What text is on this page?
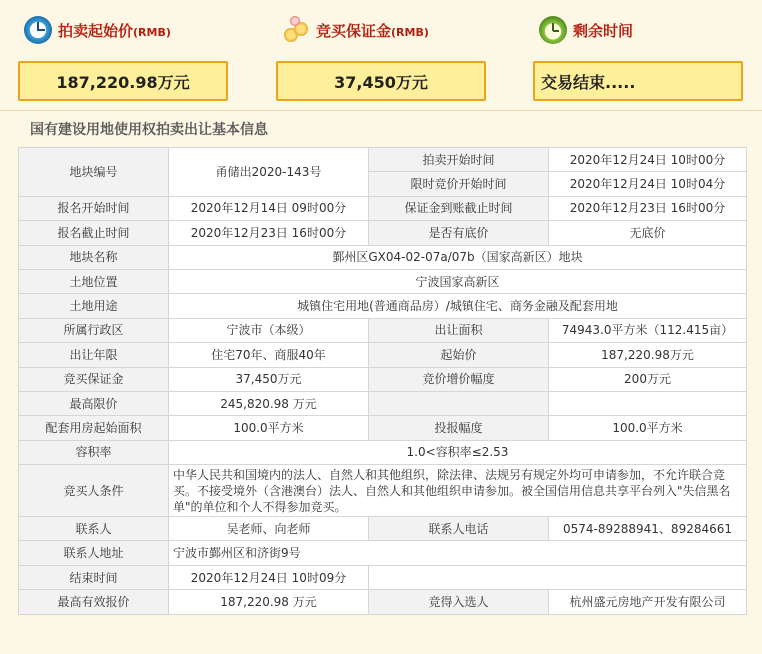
拍卖起始价(RMB)
187,220.98万元
竞买保证金(RMB)
37,450万元
剩余时间
交易结束.....
国有建设用地使用权拍卖出让基本信息
地块编号	甬储出2020-143号	拍卖开始时间	2020年12月24日 10时00分
		限时竞价开始时间	2020年12月24日 10时04分
报名开始时间	2020年12月14日 09时00分	保证金到账截止时间	2020年12月23日 16时00分
报名截止时间	2020年12月23日 16时00分	是否有底价	无底价
地块名称	鄞州区GX04-02-07a/07b（国家高新区）地块		
土地位置	宁波国家高新区		
土地用途	城镇住宅用地(普通商品房）/城镇住宅、商务金融及配套用地		
所属行政区	宁波市（本级）	出让面积	74943.0平方米（112.415亩）
出让年限	住宅70年、商服40年	起始价	187,220.98万元
竞买保证金	37,450万元	竞价增价幅度	200万元
最高限价	245,820.98 万元		
配套用房起始面积	100.0平方米	投报幅度	100.0平方米
容积率	1.0<容积率≤2.53		
竞买人条件	中华人民共和国境内的法人、自然人和其他组织，除法律、法规另有规定外均可申请参加，不允许联合竞买。不接受境外（含港澳台）法人、自然人和其他组织申请参加。被全国信用信息共享平台列入"失信黑名单"的单位和个人不得参加竞买。		
联系人	吴老师、向老师	联系人电话	0574-89288941、89284661
联系人地址	宁波市鄞州区和济街9号		
结束时间	2020年12月24日 10时09分		
最高有效报价	187,220.98 万元	竞得入选人	杭州盛元房地产开发有限公司
